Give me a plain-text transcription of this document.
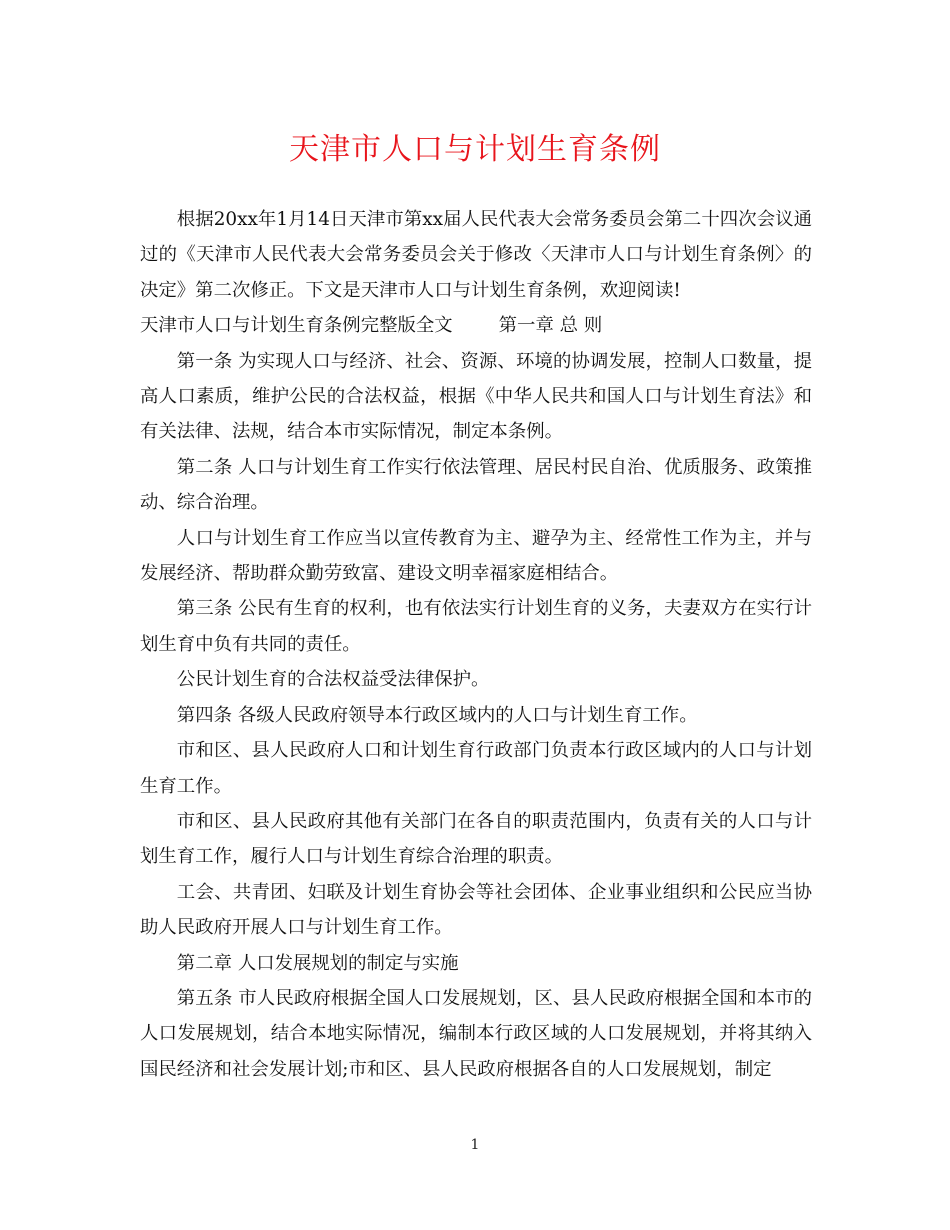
天津市人口与计划生育条例

根据20xx年1月14日天津市第xx届人民代表大会常务委员会第二十四次会议通过的《天津市人民代表大会常务委员会关于修改〈天津市人口与计划生育条例〉的决定》第二次修正。下文是天津市人口与计划生育条例，欢迎阅读!

天津市人口与计划生育条例完整版全文	第一章 总 则

第一条 为实现人口与经济、社会、资源、环境的协调发展，控制人口数量，提高人口素质，维护公民的合法权益，根据《中华人民共和国人口与计划生育法》和有关法律、法规，结合本市实际情况，制定本条例。

第二条 人口与计划生育工作实行依法管理、居民村民自治、优质服务、政策推动、综合治理。

人口与计划生育工作应当以宣传教育为主、避孕为主、经常性工作为主，并与发展经济、帮助群众勤劳致富、建设文明幸福家庭相结合。

第三条 公民有生育的权利，也有依法实行计划生育的义务，夫妻双方在实行计划生育中负有共同的责任。

公民计划生育的合法权益受法律保护。

第四条 各级人民政府领导本行政区域内的人口与计划生育工作。

市和区、县人民政府人口和计划生育行政部门负责本行政区域内的人口与计划生育工作。

市和区、县人民政府其他有关部门在各自的职责范围内，负责有关的人口与计划生育工作，履行人口与计划生育综合治理的职责。

工会、共青团、妇联及计划生育协会等社会团体、企业事业组织和公民应当协助人民政府开展人口与计划生育工作。

第二章 人口发展规划的制定与实施

第五条 市人民政府根据全国人口发展规划，区、县人民政府根据全国和本市的人口发展规划，结合本地实际情况，编制本行政区域的人口发展规划，并将其纳入国民经济和社会发展计划;市和区、县人民政府根据各自的人口发展规划，制定

1
